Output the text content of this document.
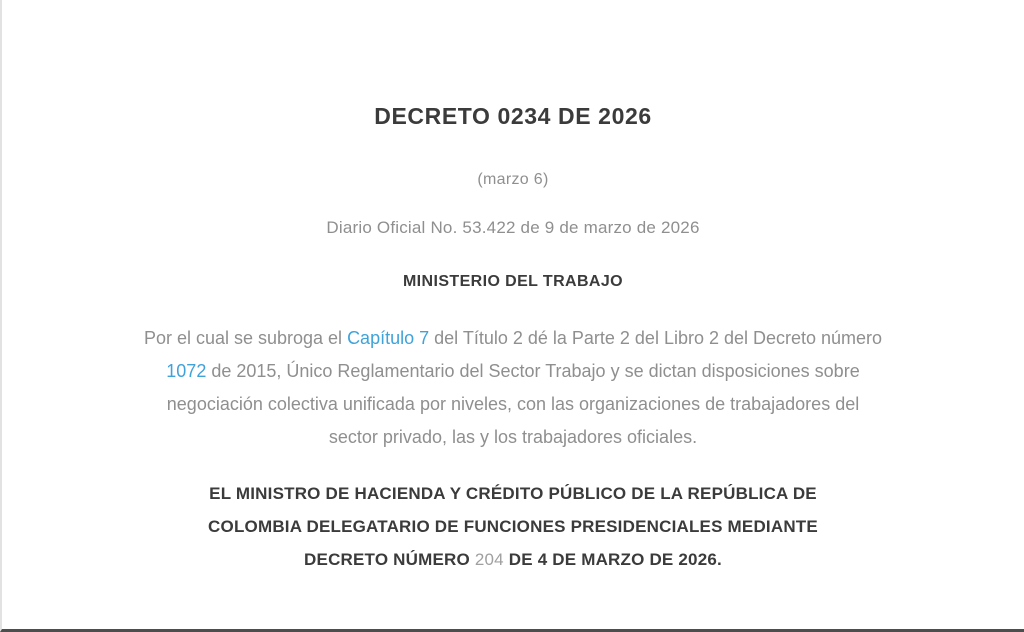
DECRETO 0234 DE 2026

(marzo 6)

Diario Oficial No. 53.422 de 9 de marzo de 2026

MINISTERIO DEL TRABAJO

Por el cual se subroga el Capítulo 7 del Título 2 dé la Parte 2 del Libro 2 del Decreto número 1072 de 2015, Único Reglamentario del Sector Trabajo y se dictan disposiciones sobre negociación colectiva unificada por niveles, con las organizaciones de trabajadores del sector privado, las y los trabajadores oficiales.

EL MINISTRO DE HACIENDA Y CRÉDITO PÚBLICO DE LA REPÚBLICA DE
COLOMBIA DELEGATARIO DE FUNCIONES PRESIDENCIALES MEDIANTE
DECRETO NÚMERO 204 DE 4 DE MARZO DE 2026.
